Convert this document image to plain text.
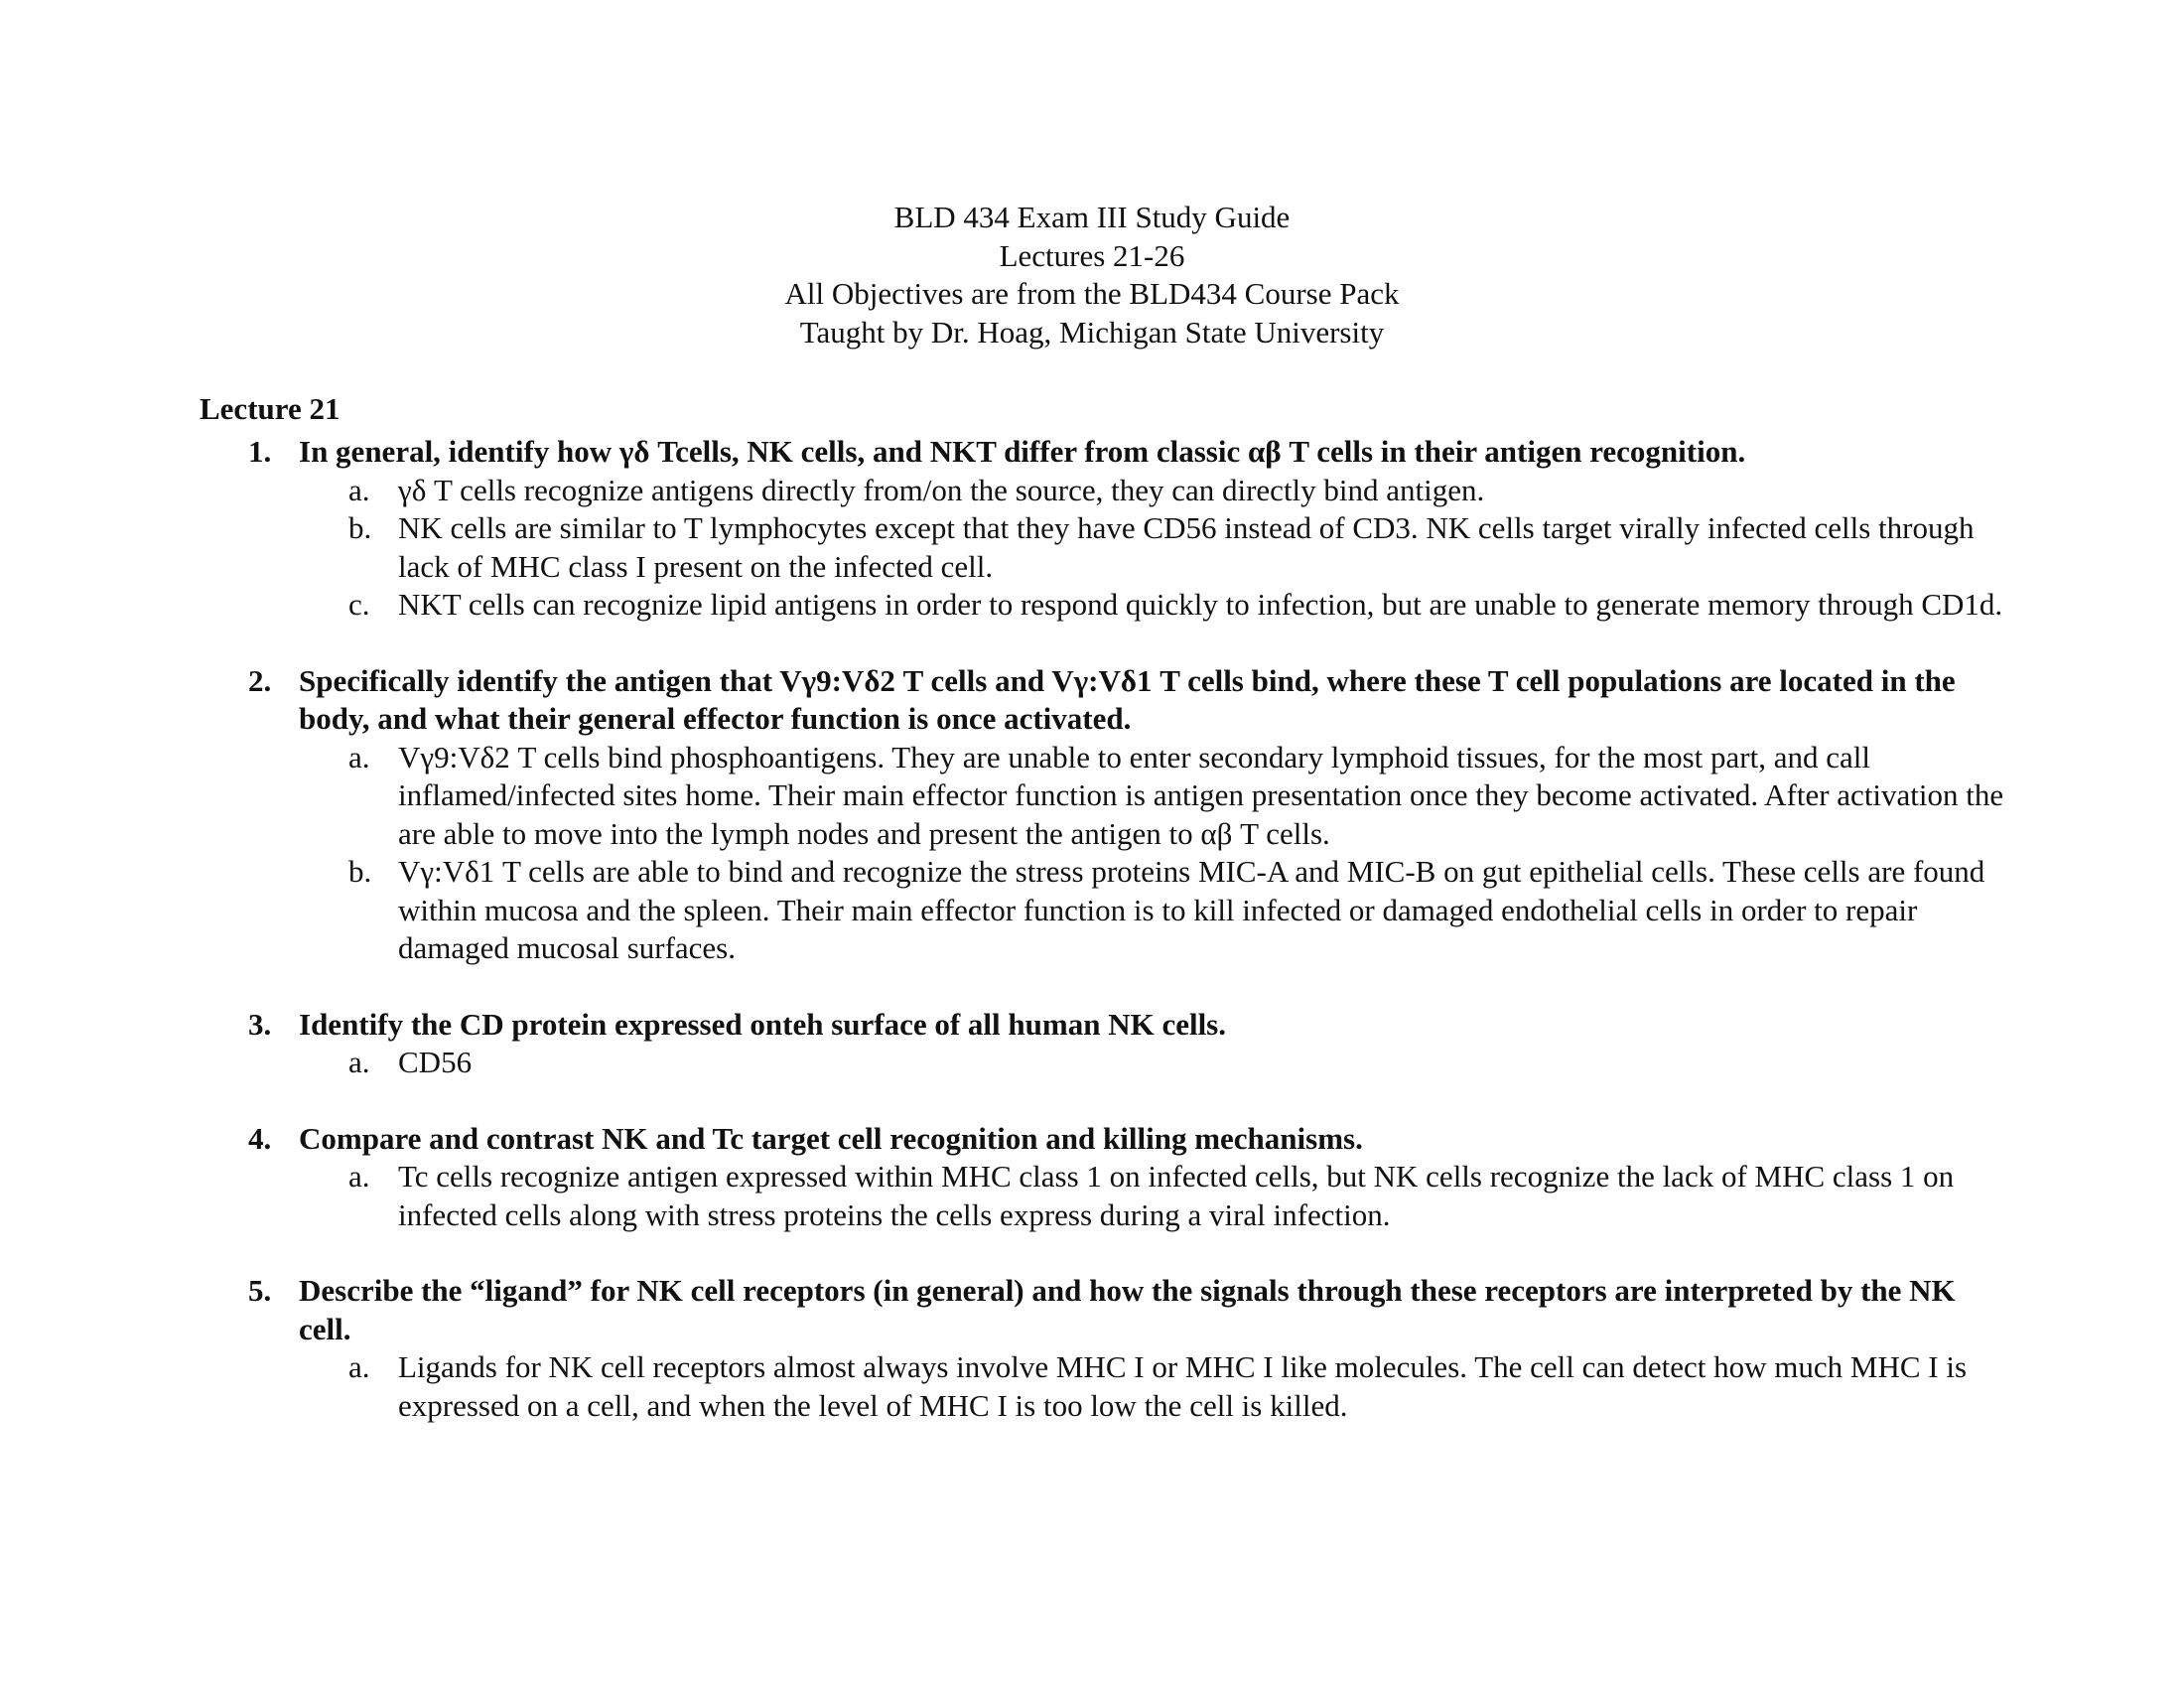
BLD 434 Exam III Study Guide
Lectures 21-26
All Objectives are from the BLD434 Course Pack
Taught by Dr. Hoag, Michigan State University
Lecture 21
1. In general, identify how γδ Tcells, NK cells, and NKT differ from classic αβ T cells in their antigen recognition.
a. γδ T cells recognize antigens directly from/on the source, they can directly bind antigen.
b. NK cells are similar to T lymphocytes except that they have CD56 instead of CD3. NK cells target virally infected cells through lack of MHC class I present on the infected cell.
c. NKT cells can recognize lipid antigens in order to respond quickly to infection, but are unable to generate memory through CD1d.
2. Specifically identify the antigen that Vγ9:Vδ2 T cells and Vγ:Vδ1 T cells bind, where these T cell populations are located in the body, and what their general effector function is once activated.
a. Vγ9:Vδ2 T cells bind phosphoantigens. They are unable to enter secondary lymphoid tissues, for the most part, and call inflamed/infected sites home. Their main effector function is antigen presentation once they become activated. After activation the are able to move into the lymph nodes and present the antigen to αβ T cells.
b. Vγ:Vδ1 T cells are able to bind and recognize the stress proteins MIC-A and MIC-B on gut epithelial cells. These cells are found within mucosa and the spleen. Their main effector function is to kill infected or damaged endothelial cells in order to repair damaged mucosal surfaces.
3. Identify the CD protein expressed onteh surface of all human NK cells.
a. CD56
4. Compare and contrast NK and Tc target cell recognition and killing mechanisms.
a. Tc cells recognize antigen expressed within MHC class 1 on infected cells, but NK cells recognize the lack of MHC class 1 on infected cells along with stress proteins the cells express during a viral infection.
5. Describe the “ligand” for NK cell receptors (in general) and how the signals through these receptors are interpreted by the NK cell.
a. Ligands for NK cell receptors almost always involve MHC I or MHC I like molecules. The cell can detect how much MHC I is expressed on a cell, and when the level of MHC I is too low the cell is killed.
